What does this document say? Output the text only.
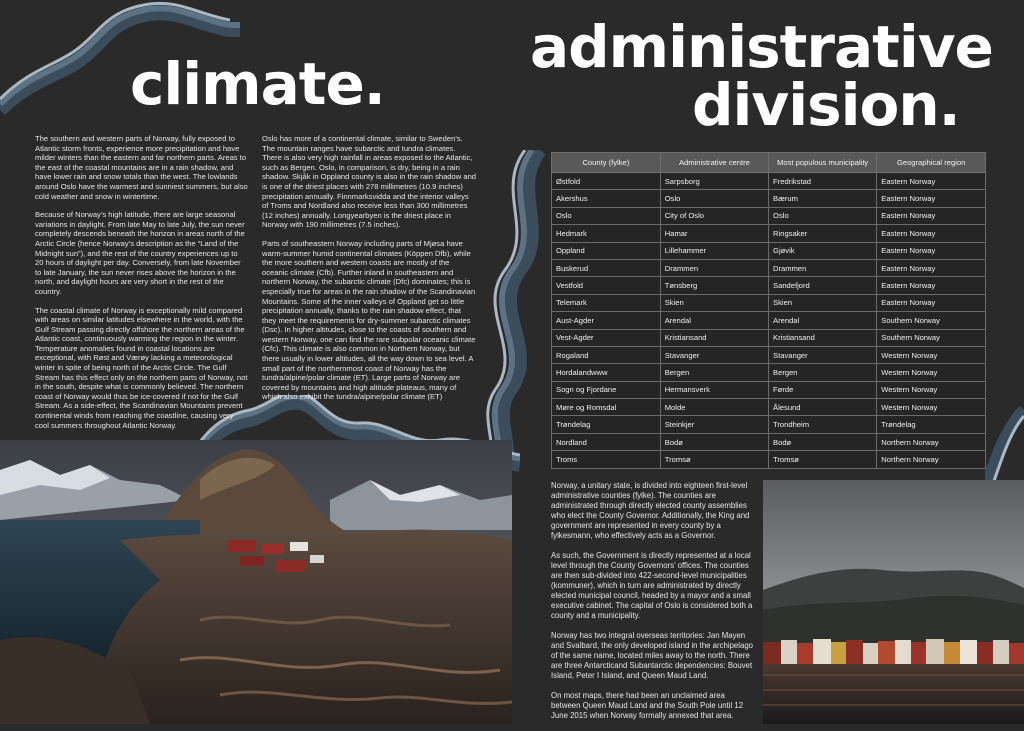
climate.
administrative
division.

The southern and western parts of Norway, fully exposed to Atlantic storm fronts, experience more precipitation and have milder winters than the eastern and far northern parts. Areas to the east of the coastal mountains are in a rain shadow, and have lower rain and snow totals than the west. The lowlands around Oslo have the warmest and sunniest summers, but also cold weather and snow in wintertime.

Because of Norway’s high latitude, there are large seasonal variations in daylight. From late May to late July, the sun never completely descends beneath the horizon in areas north of the Arctic Circle (hence Norway’s description as the “Land of the Midnight sun”), and the rest of the country experiences up to 20 hours of daylight per day. Conversely, from late November to late January, the sun never rises above the horizon in the north, and daylight hours are very short in the rest of the country.

The coastal climate of Norway is exceptionally mild compared with areas on similar latitudes elsewhere in the world, with the Gulf Stream passing directly offshore the northern areas of the Atlantic coast, continuously warming the region in the winter. Temperature anomalies found in coastal locations are exceptional, with Røst and Værøy lacking a meteorological winter in spite of being north of the Arctic Circle. The Gulf Stream has this effect only on the northern parts of Norway, not in the south, despite what is commonly believed. The northern coast of Norway would thus be ice-covered if not for the Gulf Stream. As a side-effect, the Scandinavian Mountains prevent continental winds from reaching the coastline, causing very cool summers throughout Atlantic Norway.

Oslo has more of a continental climate, similar to Sweden’s. The mountain ranges have subarctic and tundra climates. There is also very high rainfall in areas exposed to the Atlantic, such as Bergen. Oslo, in comparison, is dry, being in a rain shadow. Skjåk in Oppland county is also in the rain shadow and is one of the driest places with 278 millimetres (10.9 inches) precipitation annually. Finnmarksvidda and the interior valleys of Troms and Nordland also receive less than 300 millimetres (12 inches) annually. Longyearbyen is the driest place in Norway with 190 millimetres (7.5 inches).

Parts of southeastern Norway including parts of Mjøsa have warm-summer humid continental climates (Köppen Dfb), while the more southern and western coasts are mostly of the oceanic climate (Cfb). Further inland in southeastern and northern Norway, the subarctic climate (Dfc) dominates; this is especially true for areas in the rain shadow of the Scandinavian Mountains. Some of the inner valleys of Oppland get so little precipitation annually, thanks to the rain shadow effect, that they meet the requirements for dry-summer subarctic climates (Dsc). In higher altitudes, close to the coasts of southern and western Norway, one can find the rare subpolar oceanic climate (Cfc). This climate is also common in Northern Norway, but there usually in lower altitudes, all the way down to sea level. A small part of the northernmost coast of Norway has the tundra/alpine/polar climate (ET). Large parts of Norway are covered by mountains and high altitude plateaus, many of which also exhibit the tundra/alpine/polar climate (ET)

County (fylke)	Administrative centre	Most populous municipality	Geographical region
Østfold	Sarpsborg	Fredrikstad	Eastern Norway
Akershus	Oslo	Bærum	Eastern Norway
Oslo	City of Oslo	Oslo	Eastern Norway
Hedmark	Hamar	Ringsaker	Eastern Norway
Oppland	Lillehammer	Gjøvik	Eastern Norway
Buskerud	Drammen	Drammen	Eastern Norway
Vestfold	Tønsberg	Sandefjord	Eastern Norway
Telemark	Skien	Skien	Eastern Norway
Aust-Agder	Arendal	Arendal	Southern Norway
Vest-Agder	Kristiansand	Kristiansand	Southern Norway
Rogaland	Stavanger	Stavanger	Western Norway
Hordalandwww	Bergen	Bergen	Western Norway
Sogn og Fjordane	Hermansverk	Førde	Western Norway
Møre og Romsdal	Molde	Ålesund	Western Norway
Trøndelag	Steinkjer	Trondheim	Trøndelag
Nordland	Bodø	Bodø	Northern Norway
Troms	Tromsø	Tromsø	Northern Norway

Norway, a unitary state, is divided into eighteen first-level administrative counties (fylke). The counties are administrated through directly elected county assemblies who elect the County Governor. Additionally, the King and government are represented in every county by a fylkesmann, who effectively acts as a Governor.

As such, the Government is directly represented at a local level through the County Governors’ offices. The counties are then sub-divided into 422-second-level municipalities (kommuner), which in turn are administrated by directly elected municipal council, headed by a mayor and a small executive cabinet. The capital of Oslo is considered both a county and a municipality.

Norway has two integral overseas territories: Jan Mayen and Svalbard, the only developed island in the archipelago of the same name, located miles away to the north. There are three Antarcticand Subantarctic dependencies: Bouvet Island, Peter I Island, and Queen Maud Land.

On most maps, there had been an unclaimed area between Queen Maud Land and the South Pole until 12 June 2015 when Norway formally annexed that area.
